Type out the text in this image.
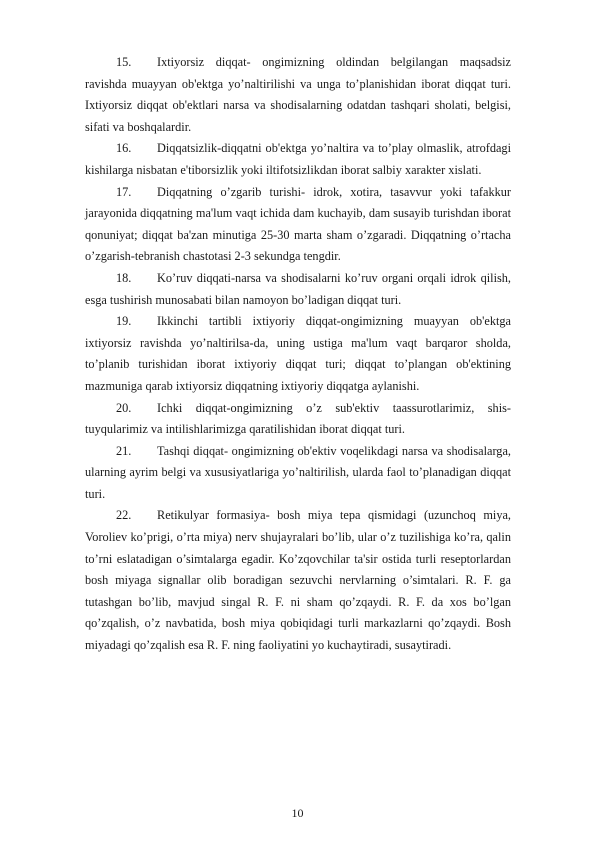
15. Ixtiyorsiz diqqat- ongimizning oldindan belgilangan maqsadsiz ravishda muayyan ob'ektga yo’naltirilishi va unga to’planishidan iborat diqqat turi. Ixtiyorsiz diqqat ob'ektlari narsa va shodisalarning odatdan tashqari sholati, belgisi, sifati va boshqalardir.

16. Diqqatsizlik-diqqatni ob'ektga yo’naltira va to’play olmaslik, atrofdagi kishilarga nisbatan e'tiborsizlik yoki iltifotsizlikdan iborat salbiy xarakter xislati.

17. Diqqatning o’zgarib turishi- idrok, xotira, tasavvur yoki tafakkur jarayonida diqqatning ma'lum vaqt ichida dam kuchayib, dam susayib turishdan iborat qonuniyat; diqqat ba'zan minutiga 25-30 marta sham o’zgaradi. Diqqatning o’rtacha o’zgarish-tebranish chastotasi 2-3 sekundga tengdir.

18. Ko’ruv diqqati-narsa va shodisalarni ko’ruv organi orqali idrok qilish, esga tushirish munosabati bilan namoyon bo’ladigan diqqat turi.

19. Ikkinchi tartibli ixtiyoriy diqqat-ongimizning muayyan ob'ektga ixtiyorsiz ravishda yo’naltirilsa-da, uning ustiga ma'lum vaqt barqaror sholda, to’planib turishidan iborat ixtiyoriy diqqat turi; diqqat to’plangan ob'ektining mazmuniga qarab ixtiyorsiz diqqatning ixtiyoriy diqqatga aylanishi.

20. Ichki diqqat-ongimizning o’z sub'ektiv taassurotlarimiz, shis-tuyqularimiz va intilishlarimizga qaratilishidan iborat diqqat turi.

21. Tashqi diqqat- ongimizning ob'ektiv voqelikdagi narsa va shodisalarga, ularning ayrim belgi va xususiyatlariga yo’naltirilish, ularda faol to’planadigan diqqat turi.

22. Retikulyar formasiya- bosh miya tepa qismidagi (uzunchoq miya, Voroliev ko’prigi, o’rta miya) nerv shujayralari bo’lib, ular o’z tuzilishiga ko’ra, qalin to’rni eslatadigan o’simtalarga egadir. Ko’zqovchilar ta'sir ostida turli reseptorlardan bosh miyaga signallar olib boradigan sezuvchi nervlarning o’simtalari. R. F. ga tutashgan bo’lib, mavjud singal R. F. ni sham qo’zqaydi. R. F. da xos bo’lgan qo’zqalish, o’z navbatida, bosh miya qobiqidagi turli markazlarni qo’zqaydi. Bosh miyadagi qo’zqalish esa R. F. ning faoliyatini yo kuchaytiradi, susaytiradi.

10
